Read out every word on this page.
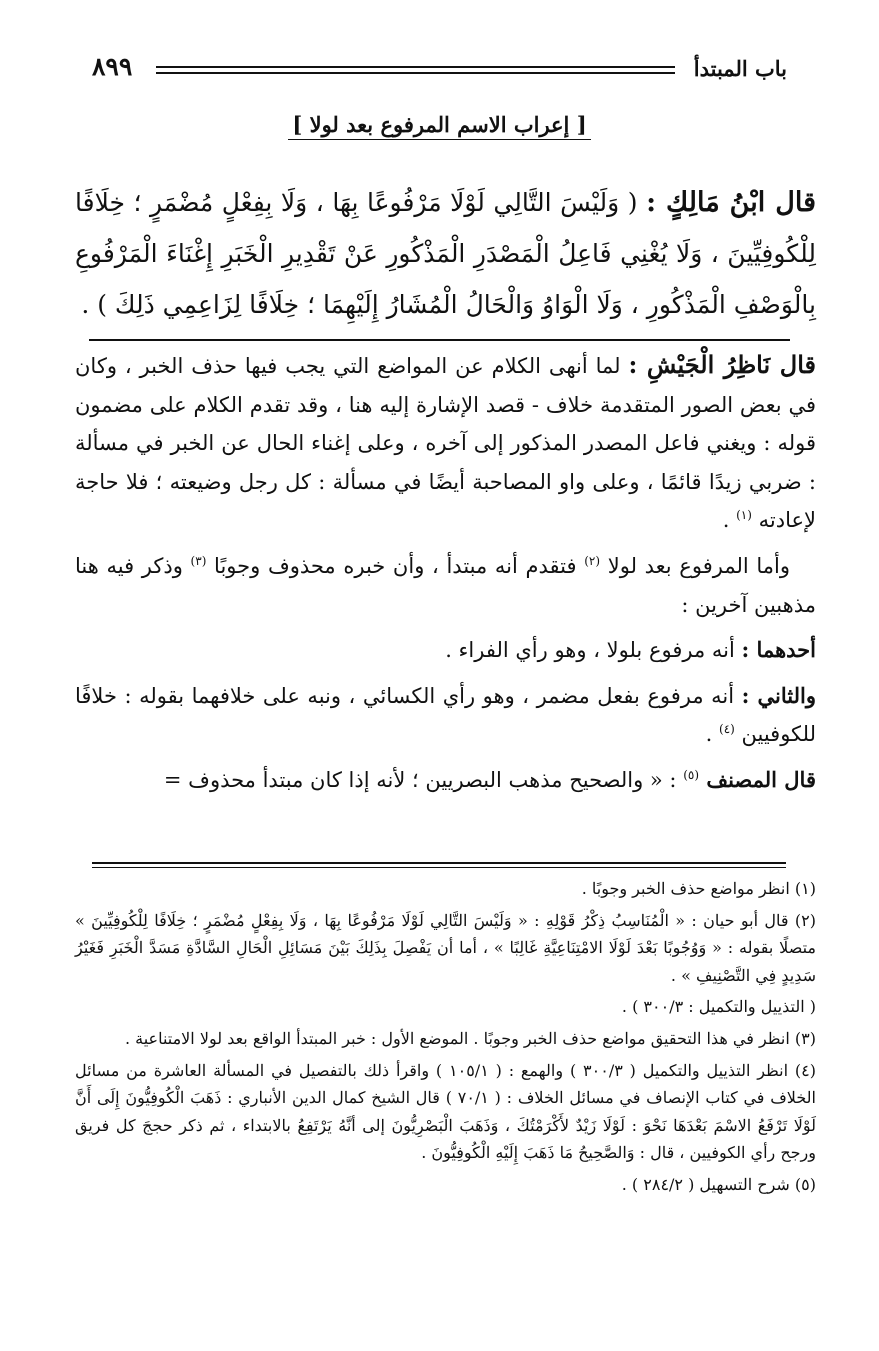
باب المبتدأ
٨٩٩
[ إعراب الاسم المرفوع بعد لولا ]
قال ابْنُ مَالِكٍ : ( وَلَيْسَ التَّالِي لَوْلَا مَرْفُوعًا بِهَا ، وَلَا بِفِعْلٍ مُضْمَرٍ ؛ خِلَافًا لِلْكُوفِيِّينَ ، وَلَا يُغْنِي فَاعِلُ الْمَصْدَرِ الْمَذْكُورِ عَنْ تَقْدِيرِ الْخَبَرِ إِغْنَاءَ الْمَرْفُوعِ بِالْوَصْفِ الْمَذْكُورِ ، وَلَا الْوَاوُ وَالْحَالُ الْمُشَارُ إِلَيْهِمَا ؛ خِلَافًا لِزَاعِمِي ذَلِكَ ) .

قال نَاظِرُ الْجَيْشِ : لما أنهى الكلام عن المواضع التي يجب فيها حذف الخبر ، وكان في بعض الصور المتقدمة خلاف - قصد الإشارة إليه هنا ، وقد تقدم الكلام على مضمون قوله : ويغني فاعل المصدر المذكور إلى آخره ، وعلى إغناء الحال عن الخبر في مسألة : ضربي زيدًا قائمًا ، وعلى واو المصاحبة أيضًا في مسألة : كل رجل وضيعته ؛ فلا حاجة لإعادته $^{(١)}$ .

وأما المرفوع بعد لولا $^{(٢)}$ فتقدم أنه مبتدأ ، وأن خبره محذوف وجوبًا $^{(٣)}$ وذكر فيه هنا مذهبين آخرين :

أحدهما : أنه مرفوع بلولا ، وهو رأي الفراء .

والثاني : أنه مرفوع بفعل مضمر ، وهو رأي الكسائي ، ونبه على خلافهما بقوله : خلافًا للكوفيين $^{(٤)}$ .

قال المصنف $^{(٥)}$ : « والصحيح مذهب البصريين ؛ لأنه إذا كان مبتدأ محذوف =

(١) انظر مواضع حذف الخبر وجوبًا .

(٢) قال أبو حيان : « الْمُنَاسِبُ ذِكْرُ قَوْلِهِ : « وَلَيْسَ التَّالِي لَوْلَا مَرْفُوعًا بِهَا ، وَلَا بِفِعْلٍ مُضْمَرٍ ؛ خِلَافًا لِلْكُوفِيِّينَ » متصلًا بقوله : « وَوُجُوبًا بَعْدَ لَوْلَا الامْتِنَاعِيَّةِ غَالِبًا » ، أما أن يَفْصِلَ بِذَلِكَ بَيْنَ مَسَائِلِ الْحَالِ السَّادَّةِ مَسَدَّ الْخَبَرِ فَغَيْرُ سَدِيدٍ فِي التَّصْنِيفِ » .

( التذييل والتكميل : ٣٠٠/٣ ) .

(٣) انظر في هذا التحقيق مواضع حذف الخبر وجوبًا . الموضع الأول : خبر المبتدأ الواقع بعد لولا الامتناعية .

(٤) انظر التذييل والتكميل ( ٣٠٠/٣ ) والهمع : ( ١٠٥/١ ) واقرأ ذلك بالتفصيل في المسألة العاشرة من مسائل الخلاف في كتاب الإنصاف في مسائل الخلاف : ( ٧٠/١ ) قال الشيخ كمال الدين الأنباري : ذَهَبَ الْكُوفِيُّونَ إِلَى أَنَّ لَوْلَا تَرْفَعُ الاسْمَ بَعْدَهَا نَحْوَ : لَوْلَا زَيْدٌ لأَكْرَمْتُكَ ، وَذَهَبَ الْبَصْرِيُّونَ إلى أنَّهُ يَرْتَفِعُ بالابتداء ، ثم ذكر حججَ كل فريق ورجح رأي الكوفيين ، قال : وَالصَّحِيحُ مَا ذَهَبَ إِلَيْهِ الْكُوفِيُّونَ .

(٥) شرح التسهيل ( ٢٨٤/٢ ) .
